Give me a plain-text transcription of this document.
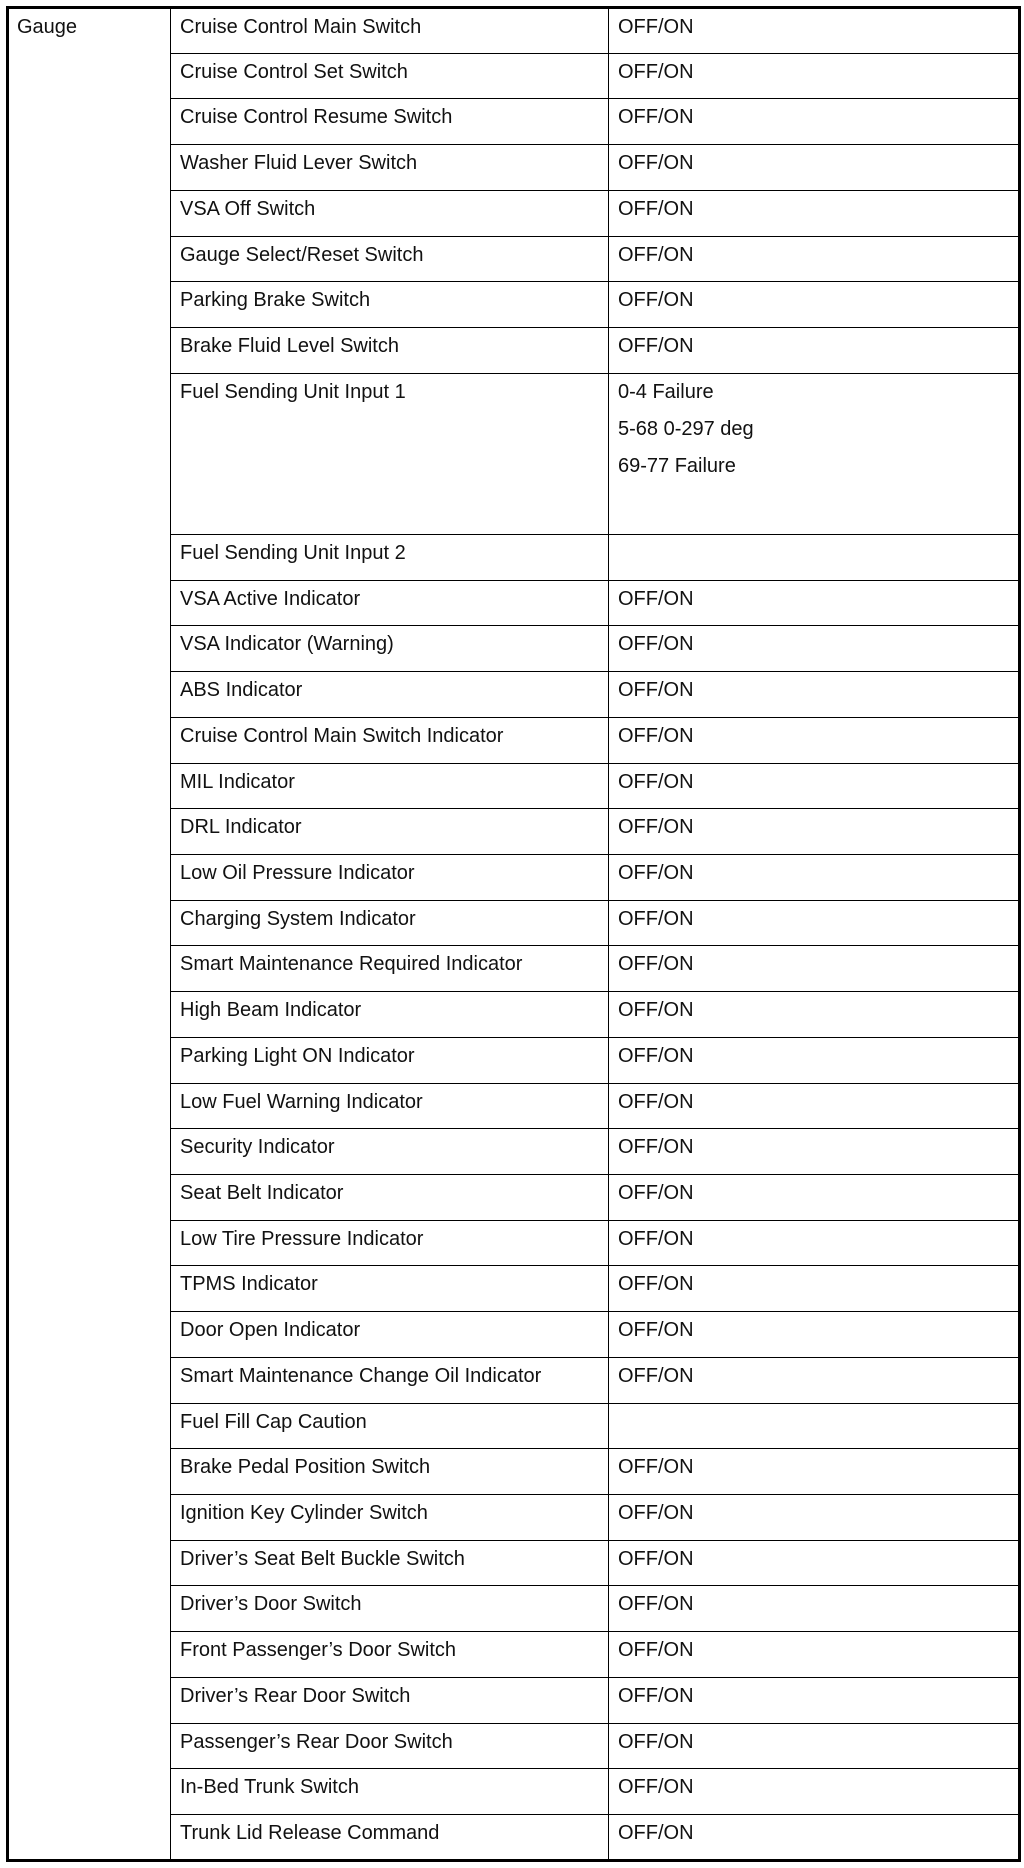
Gauge	Cruise Control Main Switch	OFF/ON
	Cruise Control Set Switch	OFF/ON
	Cruise Control Resume Switch	OFF/ON
	Washer Fluid Lever Switch	OFF/ON
	VSA Off Switch	OFF/ON
	Gauge Select/Reset Switch	OFF/ON
	Parking Brake Switch	OFF/ON
	Brake Fluid Level Switch	OFF/ON
	Fuel Sending Unit Input 1	0-4 Failure
5-68 0-297 deg
69-77 Failure

	Fuel Sending Unit Input 2	
	VSA Active Indicator	OFF/ON
	VSA Indicator (Warning)	OFF/ON
	ABS Indicator	OFF/ON
	Cruise Control Main Switch Indicator	OFF/ON
	MIL Indicator	OFF/ON
	DRL Indicator	OFF/ON
	Low Oil Pressure Indicator	OFF/ON
	Charging System Indicator	OFF/ON
	Smart Maintenance Required Indicator	OFF/ON
	High Beam Indicator	OFF/ON
	Parking Light ON Indicator	OFF/ON
	Low Fuel Warning Indicator	OFF/ON
	Security Indicator	OFF/ON
	Seat Belt Indicator	OFF/ON
	Low Tire Pressure Indicator	OFF/ON
	TPMS Indicator	OFF/ON
	Door Open Indicator	OFF/ON
	Smart Maintenance Change Oil Indicator	OFF/ON
	Fuel Fill Cap Caution	
	Brake Pedal Position Switch	OFF/ON
	Ignition Key Cylinder Switch	OFF/ON
	Driver’s Seat Belt Buckle Switch	OFF/ON
	Driver’s Door Switch	OFF/ON
	Front Passenger’s Door Switch	OFF/ON
	Driver’s Rear Door Switch	OFF/ON
	Passenger’s Rear Door Switch	OFF/ON
	In-Bed Trunk Switch	OFF/ON
	Trunk Lid Release Command	OFF/ON
